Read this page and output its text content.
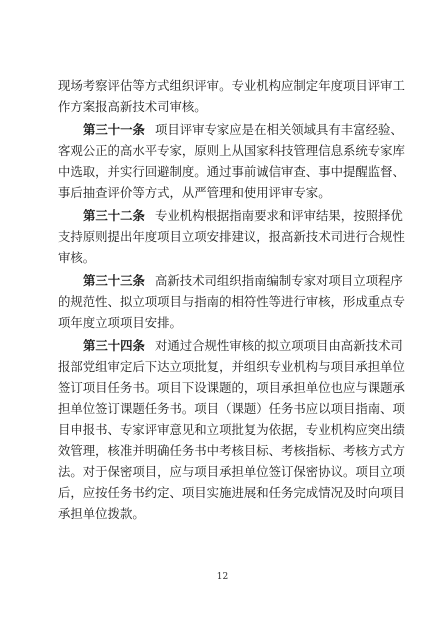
现场考察评估等方式组织评审。专业机构应制定年度项目评审工
作方案报高新技术司审核。
第三十一条 项目评审专家应是在相关领域具有丰富经验、
客观公正的高水平专家，原则上从国家科技管理信息系统专家库
中选取，并实行回避制度。通过事前诚信审查、事中提醒监督、
事后抽查评价等方式，从严管理和使用评审专家。
第三十二条 专业机构根据指南要求和评审结果，按照择优
支持原则提出年度项目立项安排建议，报高新技术司进行合规性
审核。
第三十三条 高新技术司组织指南编制专家对项目立项程序
的规范性、拟立项项目与指南的相符性等进行审核，形成重点专
项年度立项项目安排。
第三十四条 对通过合规性审核的拟立项项目由高新技术司
报部党组审定后下达立项批复，并组织专业机构与项目承担单位
签订项目任务书。项目下设课题的，项目承担单位也应与课题承
担单位签订课题任务书。项目（课题）任务书应以项目指南、项
目申报书、专家评审意见和立项批复为依据，专业机构应突出绩
效管理，核准并明确任务书中考核目标、考核指标、考核方式方
法。对于保密项目，应与项目承担单位签订保密协议。项目立项
后，应按任务书约定、项目实施进展和任务完成情况及时向项目
承担单位拨款。
12
